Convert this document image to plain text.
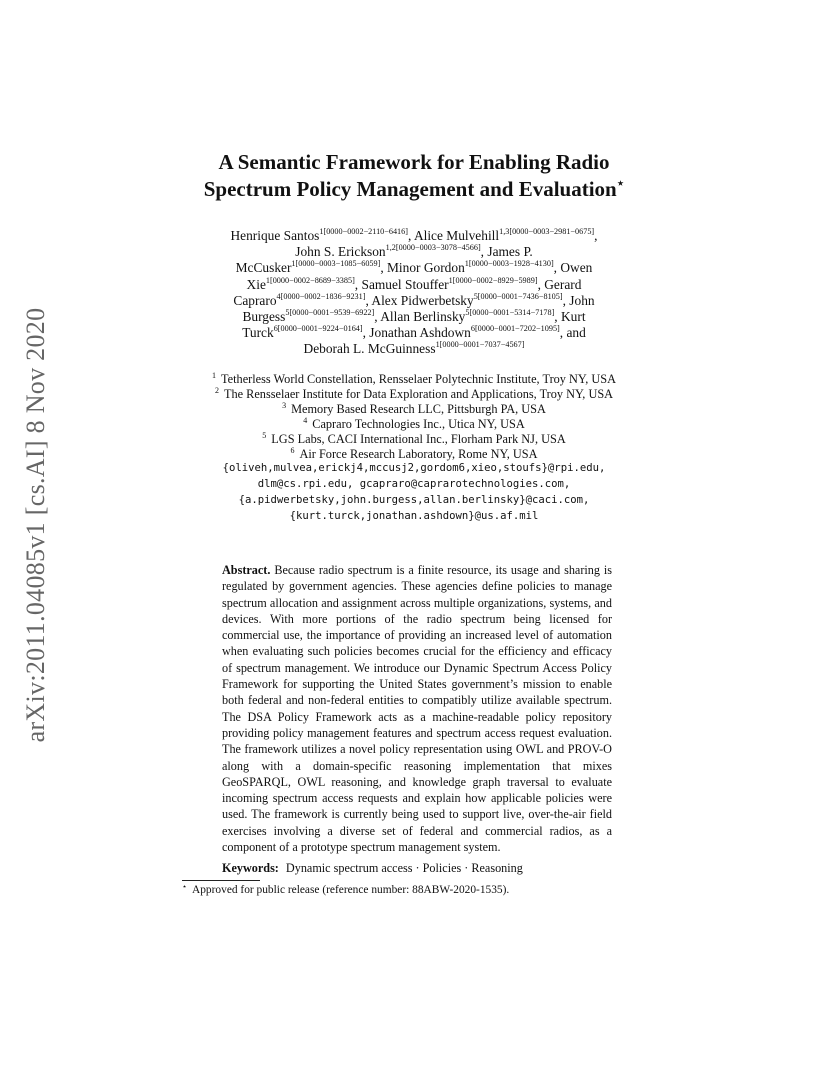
arXiv:2011.04085v1 [cs.AI] 8 Nov 2020
A Semantic Framework for Enabling Radio
Spectrum Policy Management and Evaluation⋆
Henrique Santos$^{1[0000-0002-2110-6416]}$, Alice Mulvehill$^{1,3[0000-0003-2981-0675]}$,
John S. Erickson$^{1,2[0000-0003-3078-4566]}$, James P.
McCusker$^{1[0000-0003-1085-6059]}$, Minor Gordon$^{1[0000-0003-1928-4130]}$, Owen
Xie$^{1[0000-0002-8689-3385]}$, Samuel Stouffer$^{1[0000-0002-8929-5989]}$, Gerard
Capraro$^{4[0000-0002-1836-9231]}$, Alex Pidwerbetsky$^{5[0000-0001-7436-8105]}$, John
Burgess$^{5[0000-0001-9539-6922]}$, Allan Berlinsky$^{5[0000-0001-5314-7178]}$, Kurt
Turck$^{6[0000-0001-9224-0164]}$, Jonathan Ashdown$^{6[0000-0001-7202-1095]}$, and
Deborah L. McGuinness$^{1[0000-0001-7037-4567]}$
$^1$ Tetherless World Constellation, Rensselaer Polytechnic Institute, Troy NY, USA
$^2$ The Rensselaer Institute for Data Exploration and Applications, Troy NY, USA
$^3$ Memory Based Research LLC, Pittsburgh PA, USA
$^4$ Capraro Technologies Inc., Utica NY, USA
$^5$ LGS Labs, CACI International Inc., Florham Park NJ, USA
$^6$ Air Force Research Laboratory, Rome NY, USA
{oliveh,mulvea,erickj4,mccusj2,gordom6,xieo,stoufs}@rpi.edu,
dlm@cs.rpi.edu, gcapraro@caprarotechnologies.com,
{a.pidwerbetsky,john.burgess,allan.berlinsky}@caci.com,
{kurt.turck,jonathan.ashdown}@us.af.mil

Abstract. Because radio spectrum is a finite resource, its usage and sharing is regulated by government agencies. These agencies define policies to manage spectrum allocation and assignment across multiple organizations, systems, and devices. With more portions of the radio spectrum being licensed for commercial use, the importance of providing an increased level of automation when evaluating such policies becomes crucial for the efficiency and efficacy of spectrum management. We introduce our Dynamic Spectrum Access Policy Framework for supporting the United States government’s mission to enable both federal and non-federal entities to compatibly utilize available spectrum. The DSA Policy Framework acts as a machine-readable policy repository providing policy management features and spectrum access request evaluation. The framework utilizes a novel policy representation using OWL and PROV-O along with a domain-specific reasoning implementation that mixes GeoSPARQL, OWL reasoning, and knowledge graph traversal to evaluate incoming spectrum access requests and explain how applicable policies were used. The framework is currently being used to support live, over-the-air field exercises involving a diverse set of federal and commercial radios, as a component of a prototype spectrum management system.

Keywords: Dynamic spectrum access · Policies · Reasoning

⋆ Approved for public release (reference number: 88ABW-2020-1535).
